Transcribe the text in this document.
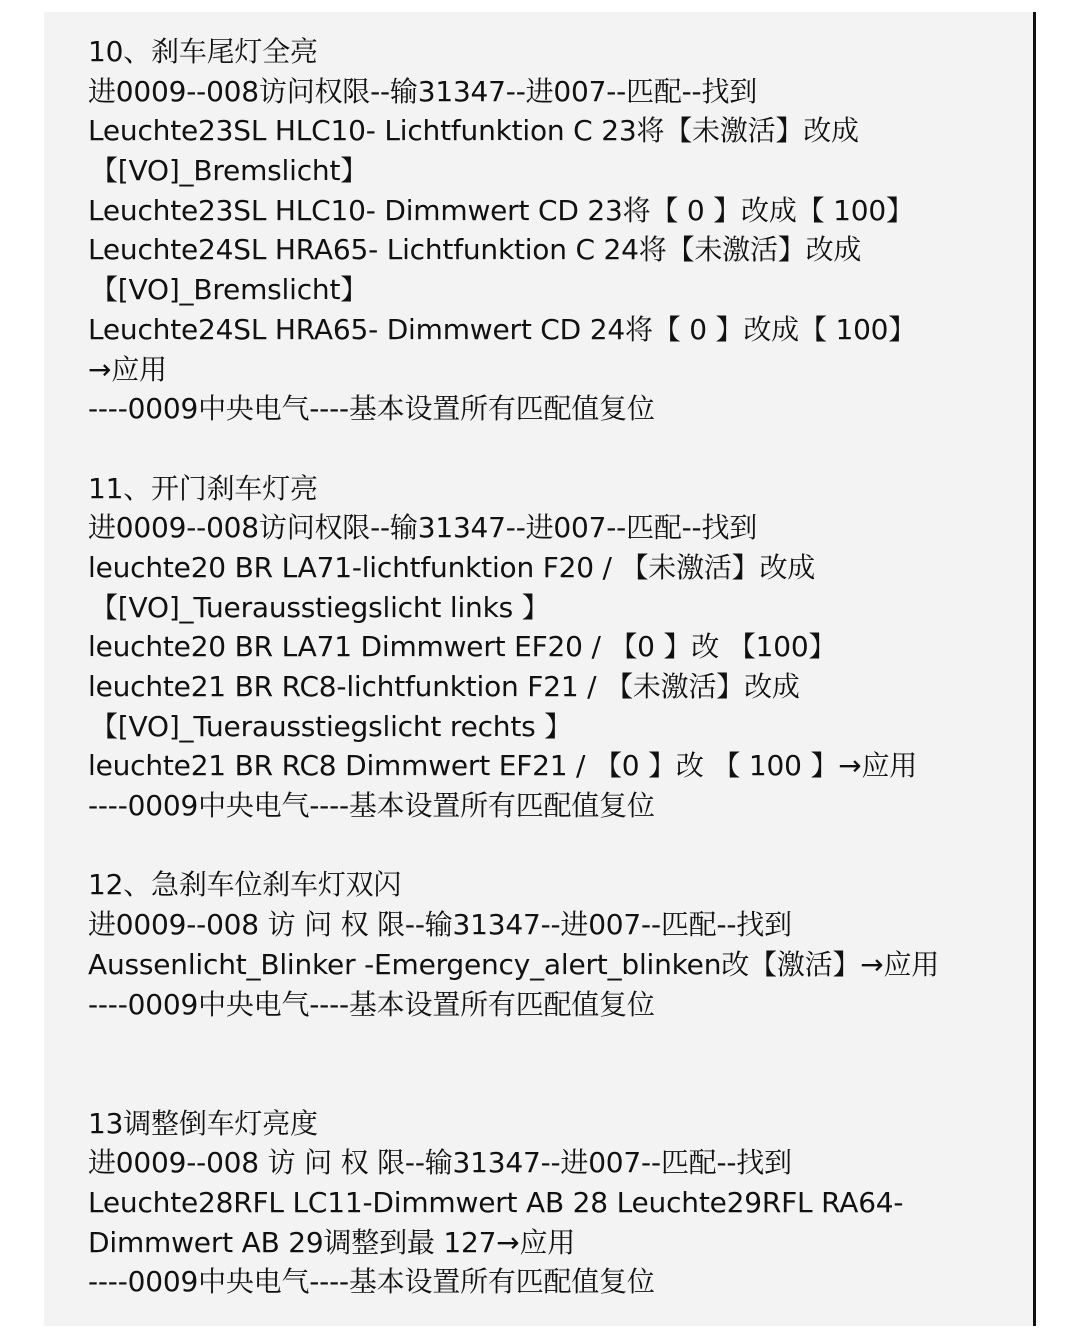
10、刹车尾灯全亮
进0009--008访问权限--输31347--进007--匹配--找到
Leuchte23SL HLC10- Lichtfunktion C 23将【未激活】改成
【[VO]_Bremslicht】
Leuchte23SL HLC10- Dimmwert CD 23将【 0 】改成【 100】
Leuchte24SL HRA65- Lichtfunktion C 24将【未激活】改成
【[VO]_Bremslicht】
Leuchte24SL HRA65- Dimmwert CD 24将【 0 】改成【 100】
→应用
----0009中央电气----基本设置所有匹配值复位
11、开门刹车灯亮
进0009--008访问权限--输31347--进007--匹配--找到
leuchte20 BR LA71-lichtfunktion F20 / 【未激活】改成
【[VO]_Tuerausstiegslicht links 】
leuchte20 BR LA71 Dimmwert EF20 / 【0 】改 【100】
leuchte21 BR RC8-lichtfunktion F21 / 【未激活】改成
【[VO]_Tuerausstiegslicht rechts 】
leuchte21 BR RC8 Dimmwert EF21 / 【0 】改 【 100 】→应用
----0009中央电气----基本设置所有匹配值复位
12、急刹车位刹车灯双闪
进0009--008 访 问 权 限--输31347--进007--匹配--找到
Aussenlicht_Blinker -Emergency_alert_blinken改【激活】→应用
----0009中央电气----基本设置所有匹配值复位
13调整倒车灯亮度
进0009--008 访 问 权 限--输31347--进007--匹配--找到
Leuchte28RFL LC11-Dimmwert AB 28 Leuchte29RFL RA64-
Dimmwert AB 29调整到最 127→应用
----0009中央电气----基本设置所有匹配值复位
